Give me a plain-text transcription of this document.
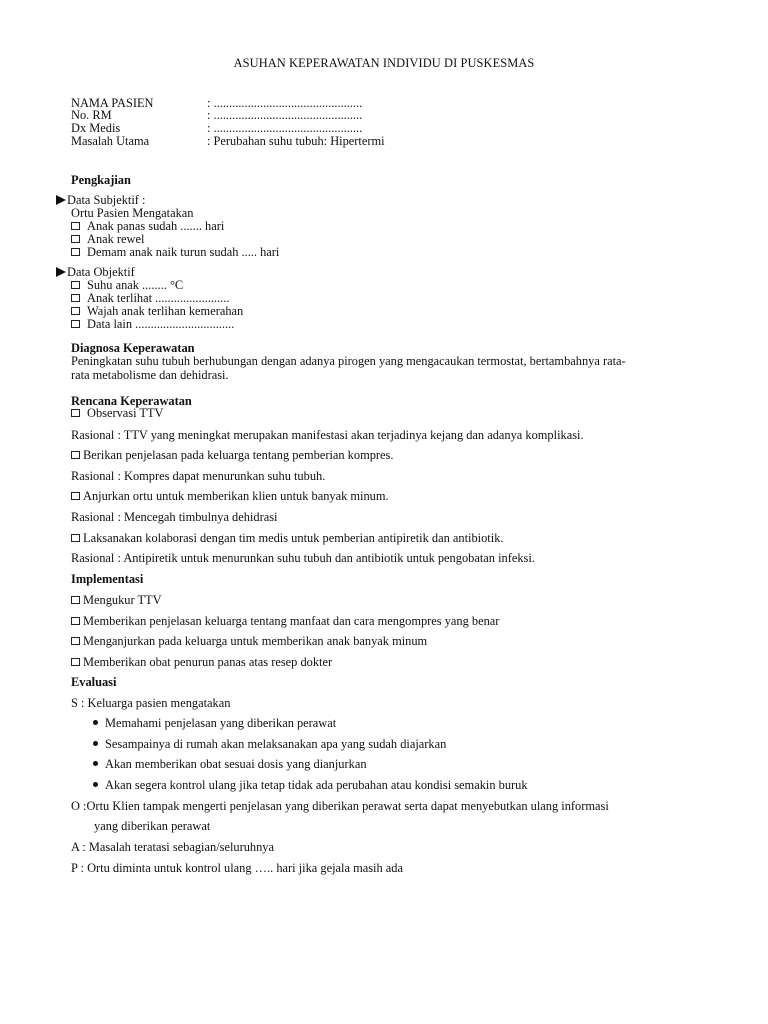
ASUHAN KEPERAWATAN INDIVIDU DI PUSKESMAS
NAMA PASIEN	: ................................................
No. RM	: ................................................
Dx Medis	: ................................................
Masalah Utama	: Perubahan suhu tubuh: Hipertermi
Pengkajian
Data Subjektif :
Ortu Pasien Mengatakan
Anak panas sudah ....... hari
Anak rewel
Demam anak naik turun sudah ..... hari
Data Objektif
Suhu anak ........ °C
Anak terlihat ........................
Wajah anak terlihan kemerahan
Data lain ................................
Diagnosa Keperawatan
Peningkatan suhu tubuh berhubungan dengan adanya pirogen yang mengacaukan termostat, bertambahnya rata-
rata metabolisme dan dehidrasi.
Rencana Keperawatan
Observasi TTV
Rasional : TTV yang meningkat merupakan manifestasi akan terjadinya kejang dan adanya komplikasi.
Berikan penjelasan pada keluarga tentang pemberian kompres.
Rasional : Kompres dapat menurunkan suhu tubuh.
Anjurkan ortu untuk memberikan klien untuk banyak minum.
Rasional : Mencegah timbulnya dehidrasi
Laksanakan kolaborasi dengan tim medis untuk pemberian antipiretik dan antibiotik.
Rasional : Antipiretik untuk menurunkan suhu tubuh dan antibiotik untuk pengobatan infeksi.
Implementasi
Mengukur TTV
Memberikan penjelasan keluarga tentang manfaat dan cara mengompres yang benar
Menganjurkan pada keluarga untuk memberikan anak banyak minum
Memberikan obat penurun panas atas resep dokter
Evaluasi
S : Keluarga pasien mengatakan
Memahami penjelasan yang diberikan perawat
Sesampainya di rumah akan melaksanakan apa yang sudah diajarkan
Akan memberikan obat sesuai dosis yang dianjurkan
Akan segera kontrol ulang jika tetap tidak ada perubahan atau kondisi semakin buruk
O :Ortu Klien tampak mengerti penjelasan yang diberikan perawat serta dapat menyebutkan ulang informasi
yang diberikan perawat
A : Masalah teratasi sebagian/seluruhnya
P : Ortu diminta untuk kontrol ulang ….. hari jika gejala masih ada
